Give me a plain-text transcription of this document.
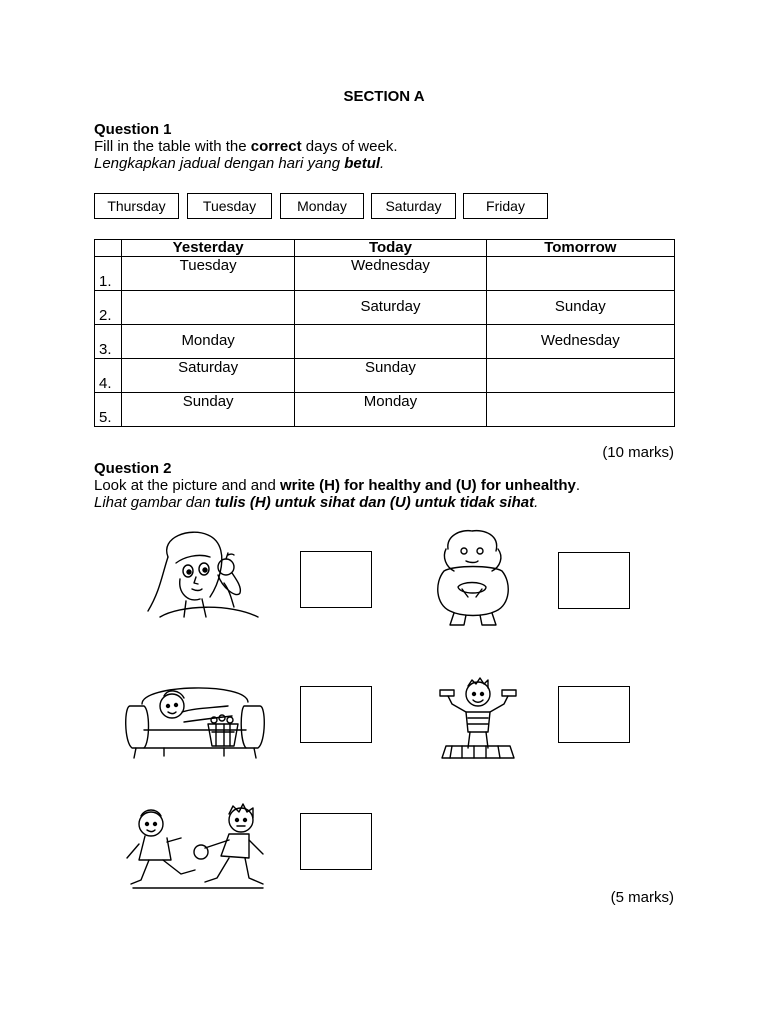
SECTION A
Question 1
Fill in the table with the correct days of week.
Lengkapkan jadual dengan hari yang betul.
Thursday	Tuesday	Monday	Saturday	Friday
	Yesterday	Today	Tomorrow
1.	Tuesday	Wednesday	

2.		Saturday	Sunday

3.	Monday		Wednesday

4.	Saturday	Sunday	

5.	Sunday	Monday	

(10 marks)
Question 2
Look at the picture and and write (H) for healthy and (U) for unhealthy.
Lihat gambar dan tulis (H) untuk sihat dan (U) untuk tidak sihat.
(5 marks)
